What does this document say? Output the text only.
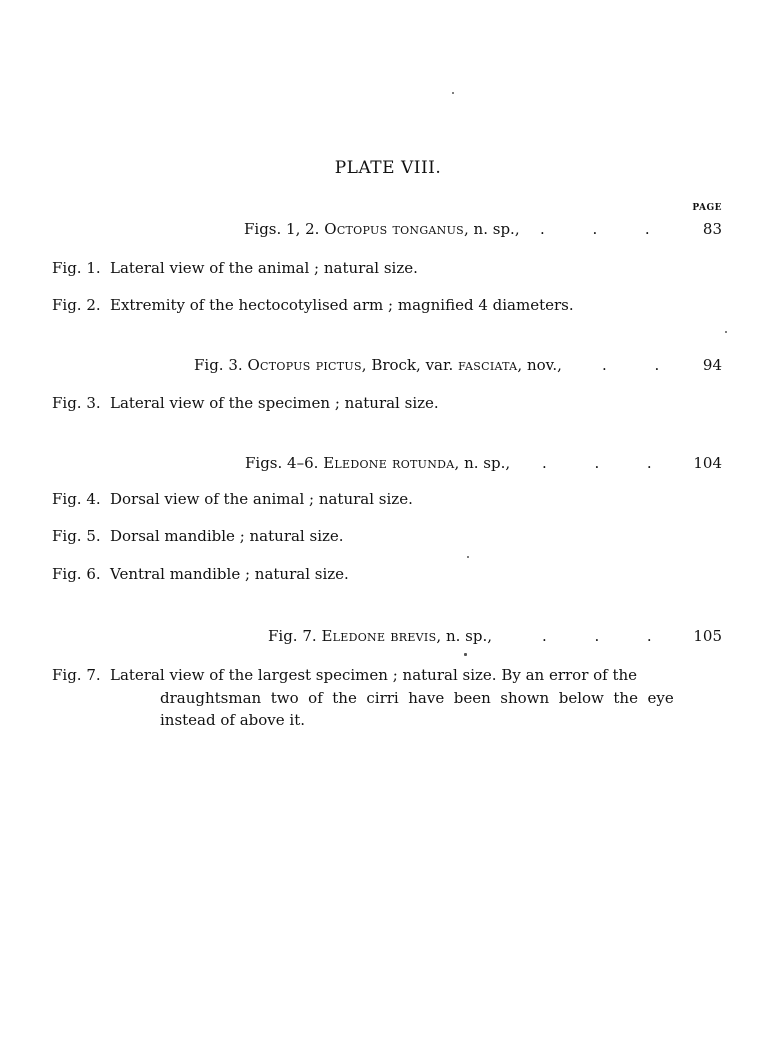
PLATE VIII.
PAGE
Figs. 1, 2. Octopus tonganus, n. sp., .          .          .	83
Fig. 1. Lateral view of the animal ; natural size.
Fig. 2. Extremity of the hectocotylised arm ; magnified 4 diameters.
Fig. 3. Octopus pictus, Brock, var. fasciata, nov.,	.          .	94
Fig. 3. Lateral view of the specimen ; natural size.
Figs. 4–6. Eledone rotunda, n. sp., .          .          .	104
Fig. 4. Dorsal view of the animal ; natural size.
Fig. 5. Dorsal mandible ; natural size.
Fig. 6. Ventral mandible ; natural size.
Fig. 7. Eledone brevis, n. sp.,	.          .          .	105
Fig. 7. Lateral view of the largest specimen ; natural size. By an error of the
draughtsman  two  of  the  cirri  have  been  shown  below  the  eye
instead of above it.
